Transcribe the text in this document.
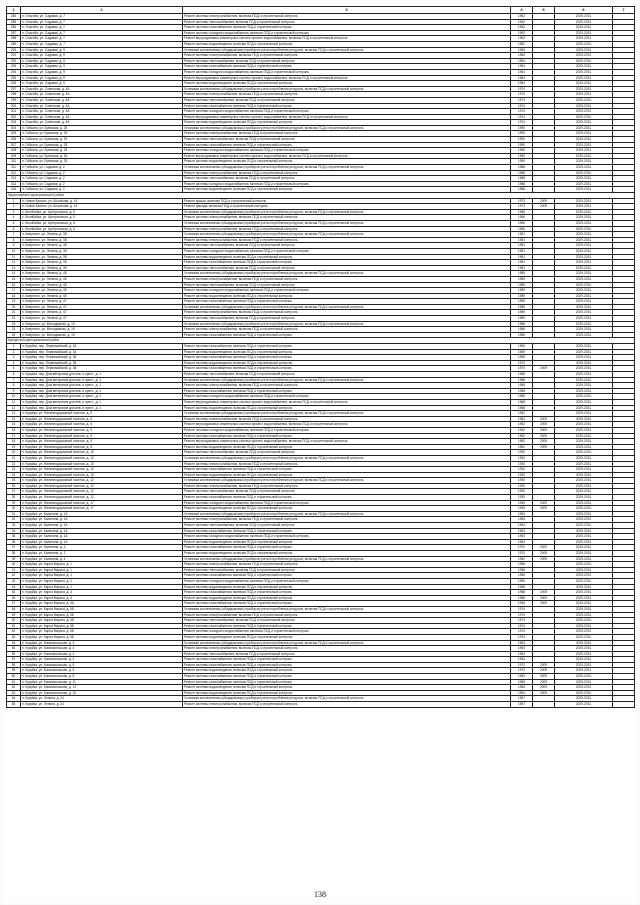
1	2	3	4	5	6	7
284	п. Ольгиба, ул. Садовая, д. 7	Ремонт системы электроснабжения, включая ПСД и строительный контроль	1962		2029-2031	
285	п. Ольгиба, ул. Садовая, д. 7	Ремонт системы теплоснабжения, включая ПСД и строительный контроль	1962		2029-2031	
286	п. Ольгиба, ул. Садовая, д. 7	Ремонт системы газоснабжения, включая ПСД и строительный контроль	1962		2029-2031	
287	п. Ольгиба, ул. Садовая, д. 7	Ремонт системы холодного водоснабжения, включая ПСД и строительный контроль	1962		2029-2031	
288	п. Ольгиба, ул. Садовая, д. 7	Ремонт внутридомовых инженерных систем горячего водоснабжения, включая ПСД и строительный контроль	1962		2029-2031	
289	п. Ольгиба, ул. Садовая, д. 7	Ремонт системы водоотведения, включая ПСД и строительный контроль	1962		2029-2031	
290	п. Ольгиба, ул. Садовая, д. 9	Установка коллективных (общедомовых) приборов учета потребления ресурсов, включая ПСД и строительный контроль	1964		2029-2031	
291	п. Ольгиба, ул. Садовая, д. 9	Ремонт системы электроснабжения, включая ПСД и строительный контроль	1964		2029-2031	
292	п. Ольгиба, ул. Садовая, д. 9	Ремонт системы теплоснабжения, включая ПСД и строительный контроль	1964		2029-2031	
293	п. Ольгиба, ул. Садовая, д. 9	Ремонт системы газоснабжения, включая ПСД и строительный контроль	1964		2029-2031	
294	п. Ольгиба, ул. Садовая, д. 9	Ремонт системы холодного водоснабжения, включая ПСД и строительный контроль	1964		2029-2031	
295	п. Ольгиба, ул. Садовая, д. 9	Ремонт внутридомовых инженерных систем горячего водоснабжения, включая ПСД и строительный контроль	1964		2029-2031	
296	п. Ольгиба, ул. Садовая, д. 9	Ремонт системы водоотведения, включая ПСД и строительный контроль	1964		2029-2031	
297	п. Ольгиба, ул. Советская, д. 4А	Установка коллективных (общедомовых) приборов учета потребления ресурсов, включая ПСД и строительный контроль	1974		2029-2031	
298	п. Ольгиба, ул. Советская, д. 4А	Ремонт системы электроснабжения, включая ПСД и строительный контроль	1974		2029-2031	
299	п. Ольгиба, ул. Советская, д. 4А	Ремонт системы теплоснабжения, включая ПСД и строительный контроль	1974		2029-2031	
300	п. Ольгиба, ул. Советская, д. 4А	Ремонт системы газоснабжения, включая ПСД и строительный контроль	1974		2029-2031	
301	п. Ольгиба, ул. Советская, д. 4А	Ремонт системы холодного водоснабжения, включая ПСД и строительный контроль	1974		2029-2031	
302	п. Ольгиба, ул. Советская, д. 4А	Ремонт внутридомовых инженерных систем горячего водоснабжения, включая ПСД и строительный контроль	1974		2029-2031	
303	п. Ольгиба, ул. Советская, д. 4А	Ремонт системы водоотведения, включая ПСД и строительный контроль	1974		2029-2031	
304	п. Габсала, ул. Бревская, д. 25	Установка коллективных (общедомовых) приборов учета потребления ресурсов, включая ПСД и строительный контроль	1990		2029-2031	
305	п. Габсала, ул. Бревская, д. 25	Ремонт системы электроснабжения, включая ПСД и строительный контроль	1990		2029-2031	
306	п. Габсала, ул. Бревская, д. 25	Ремонт системы теплоснабжения, включая ПСД и строительный контроль	1990		2029-2031	
307	п. Габсала, ул. Бревская, д. 25	Ремонт системы газоснабжения, включая ПСД и строительный контроль	1990		2029-2031	
308	п. Габсала, ул. Бревская, д. 25	Ремонт системы холодного водоснабжения, включая ПСД и строительный контроль	1990		2029-2031	
309	п. Габсала, ул. Бревская, д. 25	Ремонт внутридомовых инженерных систем горячего водоснабжения, включая ПСД и строительный контроль	1990		2029-2031	
310	п. Габсала, ул. Бревская, д. 25	Ремонт системы водоотведения, включая ПСД и строительный контроль	1990		2029-2031	
311	п. Габсала, ул. Садовая, д. 2	Установка коллективных (общедомовых) приборов учета потребления ресурсов, включая ПСД и строительный контроль	1988		2029-2031	
312	п. Габсала, ул. Садовая, д. 2	Ремонт системы электроснабжения, включая ПСД и строительный контроль	1988		2029-2031	
313	п. Габсала, ул. Садовая, д. 2	Ремонт системы теплоснабжения, включая ПСД и строительный контроль	1988		2029-2031	
314	п. Габсала, ул. Садовая, д. 2	Ремонт системы холодного водоснабжения, включая ПСД и строительный контроль	1988		2029-2031	
315	п. Габсала, ул. Садовая, д. 2	Ремонт системы водоотведения, включая ПСД и строительный контроль	1988		2029-2031	
Кукуштанский муниципальный район						
1	п. Новое Калино, ул. Школьная, д. 14	Ремонт крыши, включая ПСД и строительный контроль	1973	2009	2029-2031	
2	п. Новое Калино, ул. Школьная, д. 14	Ремонт фасада, включая ПСД и строительный контроль	1973	2009	2029-2031	
3	с. Вознбойка, ул. Центральная, д. 5	Установка коллективных (общедомовых) приборов учета потребления ресурсов, включая ПСД и строительный контроль	1966		2029-2031	
4	с. Вознбойка, ул. Центральная, д. 5	Ремонт системы электроснабжения, включая ПСД и строительный контроль	1966		2029-2031	
5	с. Вознбойка, ул. Центральная, д. 6	Установка коллективных (общедомовых) приборов учета потребления ресурсов, включая ПСД и строительный контроль	1966		2029-2031	
6	с. Вознбойка, ул. Центральная, д. 6	Ремонт системы электроснабжения, включая ПСД и строительный контроль	1966		2029-2031	
7	п. Кмертино, ул. Ленина, д. 38	Установка коллективных (общедомовых) приборов учета потребления ресурсов, включая ПСД и строительный контроль	1981		2029-2031	
8	п. Кмертино, ул. Ленина, д. 38	Ремонт системы электроснабжения, включая ПСД и строительный контроль	1981		2029-2031	
9	п. Кмертино, ул. Ленина, д. 38	Ремонт системы теплоснабжения, включая ПСД и строительный контроль	1981		2029-2031	
10	п. Кмертино, ул. Ленина, д. 38	Ремонт системы холодного водоснабжения, включая ПСД и строительный контроль	1981		2029-2031	
11	п. Кмертино, ул. Ленина, д. 38	Ремонт системы водоотведения, включая ПСД и строительный контроль	1981		2029-2031	
12	п. Кмертино, ул. Ленина, д. 39	Ремонт системы газоснабжения, включая ПСД и строительный контроль	1981		2029-2031	
13	п. Кмертино, ул. Ленина, д. 39	Ремонт системы теплоснабжения, включая ПСД и строительный контроль	1981		2029-2031	
14	п. Кмертино, ул. Ленина, д. 45	Установка коллективных (общедомовых) приборов учета потребления ресурсов, включая ПСД и строительный контроль	1989		2029-2031	
15	п. Кмертино, ул. Ленина, д. 45	Ремонт системы электроснабжения, включая ПСД и строительный контроль	1989		2029-2031	
16	п. Кмертино, ул. Ленина, д. 45	Ремонт системы теплоснабжения, включая ПСД и строительный контроль	1989		2029-2031	
17	п. Кмертино, ул. Ленина, д. 45	Ремонт системы холодного водоснабжения, включая ПСД и строительный контроль	1989		2029-2031	
18	п. Кмертино, ул. Ленина, д. 45	Ремонт системы водоотведения, включая ПСД и строительный контроль	1989		2029-2031	
19	п. Кмертино, ул. Ленина, д. 47	Ремонт системы газоснабжения, включая ПСД и строительный контроль	1989		2029-2031	
20	п. Кмертино, ул. Ленина, д. 47	Установка коллективных (общедомовых) приборов учета потребления ресурсов, включая ПСД и строительный контроль	1989		2029-2031	
21	п. Кмертино, ул. Ленина, д. 47	Ремонт системы электроснабжения, включая ПСД и строительный контроль	1989		2029-2031	
22	п. Кмертино, ул. Ленина, д. 47	Ремонт системы теплоснабжения, включая ПСД и строительный контроль	1989		2029-2031	
23	п. Кмертино, ул. Молодежная, д. 19	Установка коллективных (общедомовых) приборов учета потребления ресурсов, включая ПСД и строительный контроль	1986		2029-2031	
24	п. Кмертино, ул. Молодежная, д. 19	Ремонт системы электроснабжения, включая ПСД и строительный контроль	1986		2029-2031	
25	п. Кмертино, ул. Молодежная, д. 19	Ремонт системы газоснабжения, включая ПСД и строительный контроль	1986		2029-2031	
Кунгурский муниципальный район						
1	п. Кукуйка, пер. Первомайский, д. 34	Ремонт системы газоснабжения, включая ПСД и строительный контроль	1969		2029-2031	
2	п. Кукуйка, пер. Первомайский, д. 34	Ремонт системы водоотведения, включая ПСД и строительный контроль	1969		2029-2031	
3	п. Кукуйка, пер. Первомайский, д. 36	Ремонт системы газоснабжения, включая ПСД и строительный контроль	1969		2029-2031	
4	п. Кукуйка, пер. Первомайский, д. 36	Ремонт системы водоотведения, включая ПСД и строительный контроль	1970		2029-2031	
5	п. Кукуйка, пер. Первомайский, д. 38	Ремонт системы газоснабжения, включая ПСД и строительный контроль	1970	2009	2029-2031	
6	п. Кукуйка, пер. Дом ветеранов для инв. и прест., д. 1	Ремонт системы теплоснабжения, включая ПСД и строительный контроль	1968		2029-2031	
7	п. Кукуйка, пер. Дом ветеранов для инв. и прест., д. 1	Установка коллективных (общедомовых) приборов учета потребления ресурсов, включая ПСД и строительный контроль	1968		2029-2031	
8	п. Кукуйка, пер. Дом ветеранов для инв. и прест., д. 1	Ремонт системы электроснабжения, включая ПСД и строительный контроль	1968		2029-2031	
9	п. Кукуйка, пер. Дом ветеранов для инв. и прест., д. 1	Ремонт системы газоснабжения, включая ПСД и строительный контроль	1968		2029-2031	
10	п. Кукуйка, пер. Дом ветеранов для инв. и прест., д. 1	Ремонт системы холодного водоснабжения, включая ПСД и строительный контроль	1968		2029-2031	
11	п. Кукуйка, пер. Дом ветеранов для инв. и прест., д. 1	Ремонт внутридомовых инженерных систем горячего водоснабжения, включая ПСД и строительный контроль	1968		2029-2031	
12	п. Кукуйка, пер. Дом ветеранов для инв. и прест., д. 1	Ремонт системы водоотведения, включая ПСД и строительный контроль	1968		2029-2031	
13	п. Кукуйка, ул. Железнодорожный поселок, д. 5	Установка коллективных (общедомовых) приборов учета потребления ресурсов, включая ПСД и строительный контроль	1962		2029-2031	
14	п. Кукуйка, ул. Железнодорожный поселок, д. 5	Ремонт системы электроснабжения, включая ПСД и строительный контроль	1962	2009	2029-2031	
15	п. Кукуйка, ул. Железнодорожный поселок, д. 5	Ремонт внутридомовых инженерных систем горячего водоснабжения, включая ПСД и строительный контроль	1962	2009	2029-2031	
16	п. Кукуйка, ул. Железнодорожный поселок, д. 5	Ремонт системы холодного водоснабжения, включая ПСД и строительный контроль	1962	2009	2029-2031	
17	п. Кукуйка, ул. Железнодорожный поселок, д. 5	Ремонт системы газоснабжения, включая ПСД и строительный контроль	1962	2009	2029-2031	
18	п. Кукуйка, ул. Железнодорожный поселок, д. 5	Ремонт внутридомовых инженерных систем горячего водоснабжения, включая ПСД и строительный контроль	1962	2009	2029-2031	
19	п. Кукуйка, ул. Железнодорожный поселок, д. 5	Ремонт системы водоотведения, включая ПСД и строительный контроль	1962	2009	2029-2031	
20	п. Кукуйка, ул. Железнодорожный поселок, д. 10	Ремонт системы теплоснабжения, включая ПСД и строительный контроль	1930		2029-2031	
21	п. Кукуйка, ул. Железнодорожный поселок, д. 10	Установка коллективных (общедомовых) приборов учета потребления ресурсов, включая ПСД и строительный контроль	1930		2029-2031	
22	п. Кукуйка, ул. Железнодорожный поселок, д. 10	Ремонт системы электроснабжения, включая ПСД и строительный контроль	1930		2029-2031	
23	п. Кукуйка, ул. Железнодорожный поселок, д. 10	Ремонт системы газоснабжения, включая ПСД и строительный контроль	1930		2029-2031	
24	п. Кукуйка, ул. Железнодорожный поселок, д. 10	Ремонт системы водоотведения, включая ПСД и строительный контроль	1930		2029-2031	
25	п. Кукуйка, ул. Железнодорожный поселок, д. 12	Установка коллективных (общедомовых) приборов учета потребления ресурсов, включая ПСД и строительный контроль	1930		2029-2031	
26	п. Кукуйка, ул. Железнодорожный поселок, д. 12	Ремонт системы электроснабжения, включая ПСД и строительный контроль	1930		2029-2031	
27	п. Кукуйка, ул. Железнодорожный поселок, д. 12	Ремонт системы теплоснабжения, включая ПСД и строительный контроль	1930		2029-2031	
28	п. Кукуйка, ул. Железнодорожный поселок, д. 12	Ремонт системы газоснабжения, включая ПСД и строительный контроль	1930		2029-2031	
29	п. Кукуйка, ул. Железнодорожный поселок, д. 17	Ремонт системы холодного водоснабжения, включая ПСД и строительный контроль	1949	2009	2029-2031	
30	п. Кукуйка, ул. Железнодорожный поселок, д. 17	Ремонт системы водоотведения, включая ПСД и строительный контроль	1949	2009	2029-2031	
31	п. Кукуйка, ул. Калинина, д. 1А	Установка коллективных (общедомовых) приборов учета потребления ресурсов, включая ПСД и строительный контроль	1963		2029-2031	
32	п. Кукуйка, ул. Калинина, д. 1А	Ремонт системы электроснабжения, включая ПСД и строительный контроль	1963		2029-2031	
33	п. Кукуйка, ул. Калинина, д. 1А	Ремонт системы теплоснабжения, включая ПСД и строительный контроль	1963		2029-2031	
34	п. Кукуйка, ул. Калинина, д. 1А	Ремонт системы газоснабжения, включая ПСД и строительный контроль	1963		2029-2031	
35	п. Кукуйка, ул. Калинина, д. 1А	Ремонт системы холодного водоснабжения, включая ПСД и строительный контроль	1963		2029-2031	
36	п. Кукуйка, ул. Калинина, д. 1А	Ремонт системы водоотведения, включая ПСД и строительный контроль	1963		2029-2031	
37	п. Кукуйка, ул. Калинина, д. 2	Ремонт системы газоснабжения, включая ПСД и строительный контроль	1970	2009	2029-2031	
38	п. Кукуйка, ул. Калинина, д. 2	Ремонт системы водоотведения, включая ПСД и строительный контроль	1970	2009	2029-2031	
39	п. Кукуйка, ул. Калинина, д. 4	Установка коллективных (общедомовых) приборов учета потребления ресурсов, включая ПСД и строительный контроль	1962	2009	2029-2031	
40	п. Кукуйка, ул. Карла Маркса, д. 1	Ремонт системы электроснабжения, включая ПСД и строительный контроль	1956		2029-2031	
41	п. Кукуйка, ул. Карла Маркса, д. 1	Ремонт системы теплоснабжения, включая ПСД и строительный контроль	1956		2029-2031	
42	п. Кукуйка, ул. Карла Маркса, д. 1	Ремонт системы газоснабжения, включая ПСД и строительный контроль	1956		2029-2031	
43	п. Кукуйка, ул. Карла Маркса, д. 1	Ремонт системы холодного водоснабжения, включая ПСД и строительный контроль	1956		2029-2031	
44	п. Кукуйка, ул. Карла Маркса, д. 1	Ремонт системы водоотведения, включая ПСД и строительный контроль	1956		2029-2031	
45	п. Кукуйка, ул. Карла Маркса, д. 3	Ремонт системы газоснабжения, включая ПСД и строительный контроль	1958	2009	2029-2031	
46	п. Кукуйка, ул. Карла Маркса, д. 3	Ремонт системы водоотведения, включая ПСД и строительный контроль	1958	2009	2029-2031	
47	п. Кукуйка, ул. Карла Маркса, д. 5А	Ремонт системы газоснабжения, включая ПСД и строительный контроль	1946	2009	2029-2031	
48	п. Кукуйка, ул. Карла Маркса, д. 6Б	Установка коллективных (общедомовых) приборов учета потребления ресурсов, включая ПСД и строительный контроль	1974		2029-2031	
49	п. Кукуйка, ул. Карла Маркса, д. 6Б	Ремонт системы электроснабжения, включая ПСД и строительный контроль	1974		2029-2031	
50	п. Кукуйка, ул. Карла Маркса, д. 6Б	Ремонт системы теплоснабжения, включая ПСД и строительный контроль	1974		2029-2031	
51	п. Кукуйка, ул. Карла Маркса, д. 6Б	Ремонт системы газоснабжения, включая ПСД и строительный контроль	1974		2029-2031	
52	п. Кукуйка, ул. Карла Маркса, д. 6Б	Ремонт системы холодного водоснабжения, включая ПСД и строительный контроль	1974		2029-2031	
53	п. Кукуйка, ул. Карла Маркса, д. 6Б	Ремонт системы водоотведения, включая ПСД и строительный контроль	1974		2029-2031	
54	п. Кукуйка, ул. Комсомольская, д. 4	Установка коллективных (общедомовых) приборов учета потребления ресурсов, включая ПСД и строительный контроль	1963		2029-2031	
55	п. Кукуйка, ул. Комсомольская, д. 4	Ремонт системы электроснабжения, включая ПСД и строительный контроль	1963		2029-2031	
56	п. Кукуйка, ул. Комсомольская, д. 4	Ремонт системы теплоснабжения, включая ПСД и строительный контроль	1963		2029-2031	
57	п. Кукуйка, ул. Комсомольская, д. 4	Ремонт системы газоснабжения, включая ПСД и строительный контроль	1963		2029-2031	
58	п. Кукуйка, ул. Комсомольская, д. 5	Ремонт системы газоснабжения, включая ПСД и строительный контроль	1972	2009	2029-2031	
59	п. Кукуйка, ул. Комсомольская, д. 5	Ремонт системы водоотведения, включая ПСД и строительный контроль	1972	2009	2029-2031	
60	п. Кукуйка, ул. Комсомольская, д. 8	Ремонт системы газоснабжения, включая ПСД и строительный контроль	1964	2009	2029-2031	
61	п. Кукуйка, ул. Комсомольская, д. 11	Ремонт системы газоснабжения, включая ПСД и строительный контроль	1966	2009	2029-2031	
62	п. Кукуйка, ул. Комсомольская, д. 13	Ремонт системы водоотведения, включая ПСД и строительный контроль	1965	2009	2029-2031	
63	п. Кукуйка, ул. Комсомольская, д. 15	Ремонт системы водоотведения, включая ПСД и строительный контроль	1964	2009	2029-2031	
64	п. Кукуйка, ул. Ленина, д. 24	Установка коллективных (общедомовых) приборов учета потребления ресурсов, включая ПСД и строительный контроль	1957		2029-2031	
65	п. Кукуйка, ул. Ленина, д. 24	Ремонт системы электроснабжения, включая ПСД и строительный контроль	1957		2029-2031	
138
